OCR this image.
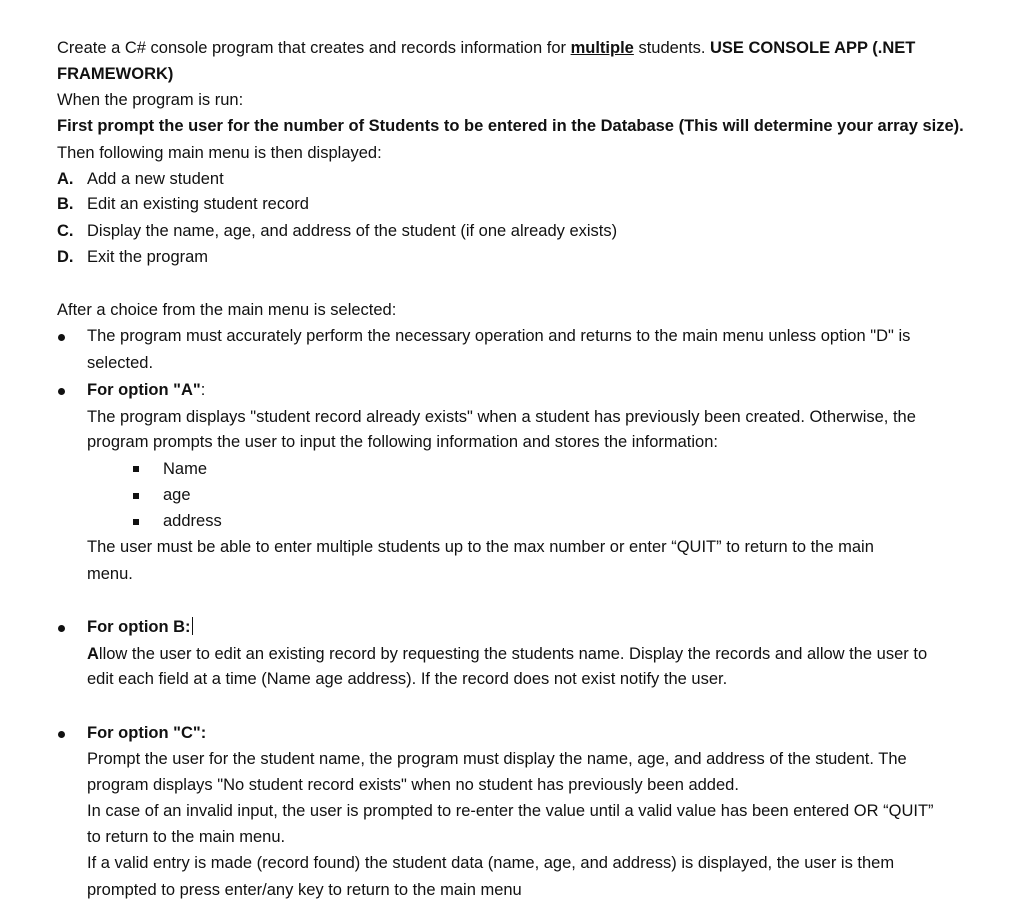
Create a C# console program that creates and records information for multiple students. USE CONSOLE APP (.NET
FRAMEWORK)
When the program is run:
First prompt the user for the number of Students to be entered in the Database (This will determine your array size).
Then following main menu is then displayed:
A. Add a new student
B. Edit an existing student record
C. Display the name, age, and address of the student (if one already exists)
D. Exit the program
After a choice from the main menu is selected:
The program must accurately perform the necessary operation and returns to the main menu unless option "D" is
selected.
For option "A":
The program displays "student record already exists" when a student has previously been created. Otherwise, the
program prompts the user to input the following information and stores the information:
Name
age
address
The user must be able to enter multiple students up to the max number or enter “QUIT” to return to the main
menu.
For option B:
Allow the user to edit an existing record by requesting the students name. Display the records and allow the user to
edit each field at a time (Name age address). If the record does not exist notify the user.
For option "C":
Prompt the user for the student name, the program must display the name, age, and address of the student. The
program displays "No student record exists" when no student has previously been added.
In case of an invalid input, the user is prompted to re-enter the value until a valid value has been entered OR “QUIT”
to return to the main menu.
If a valid entry is made (record found) the student data (name, age, and address) is displayed, the user is them
prompted to press enter/any key to return to the main menu
